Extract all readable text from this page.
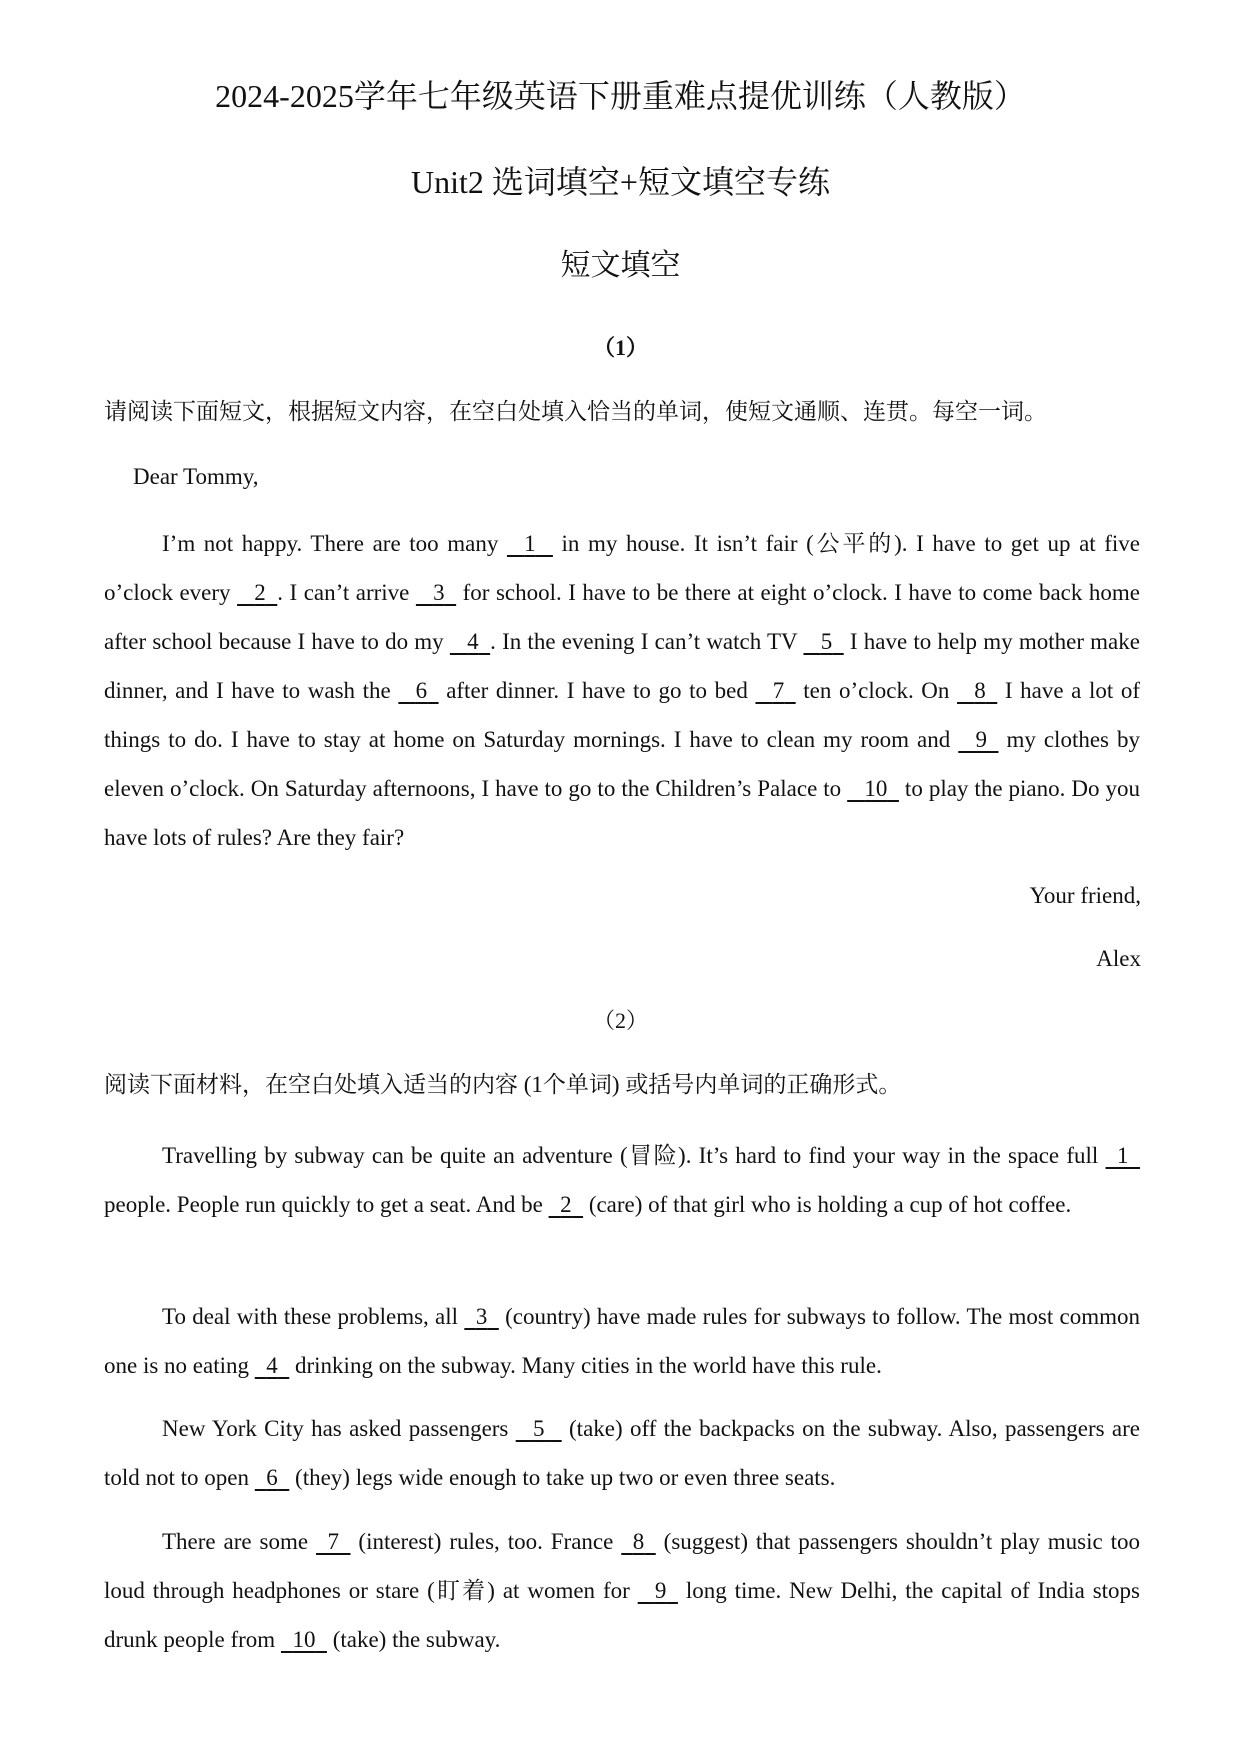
2024-2025学年七年级英语下册重难点提优训练（人教版）
Unit2 选词填空+短文填空专练
短文填空
（1）
请阅读下面短文，根据短文内容，在空白处填入恰当的单词，使短文通顺、连贯。每空一词。
Dear Tommy,
I’m not happy. There are too many    1    in my house. It isn’t fair (公平的). I have to get up at five o’clock every    2 . I can’t arrive    3   for school. I have to be there at eight o’clock. I have to come back home after school because I have to do my    4 . In the evening I can’t watch TV    5   I have to help my mother make dinner, and I have to wash the    6   after dinner. I have to go to bed    7   ten o’clock. On    8   I have a lot of things to do. I have to stay at home on Saturday mornings. I have to clean my room and    9   my clothes by eleven o’clock. On Saturday afternoons, I have to go to the Children’s Palace to    10   to play the piano. Do you have lots of rules? Are they fair?
Your friend,
Alex
（2）
阅读下面材料，在空白处填入适当的内容 (1个单词) 或括号内单词的正确形式。
Travelling by subway can be quite an adventure (冒险). It’s hard to find your way in the space full   1   people. People run quickly to get a seat. And be   2   (care) of that girl who is holding a cup of hot coffee.
To deal with these problems, all   3   (country) have made rules for subways to follow. The most common one is no eating   4   drinking on the subway. Many cities in the world have this rule.
New York City has asked passengers    5    (take) off the backpacks on the subway. Also, passengers are told not to open   6   (they) legs wide enough to take up two or even three seats.
There are some   7   (interest) rules, too. France   8   (suggest) that passengers shouldn’t play music too loud through headphones or stare (盯着) at women for    9   long time. New Delhi, the capital of India stops drunk people from   10   (take) the subway.
